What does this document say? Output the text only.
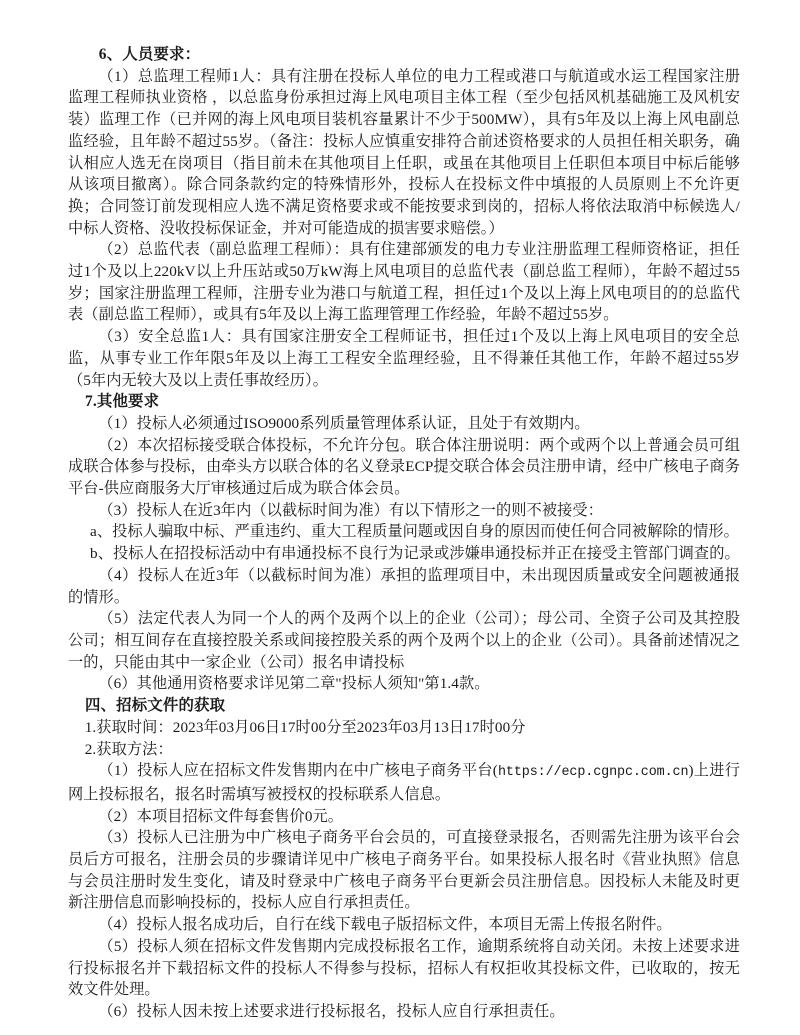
6、人员要求：

（1）总监理工程师1人：具有注册在投标人单位的电力工程或港口与航道或水运工程国家注册监理工程师执业资格 ，以总监身份承担过海上风电项目主体工程（至少包括风机基础施工及风机安装）监理工作（已并网的海上风电项目装机容量累计不少于500MW），具有5年及以上海上风电副总监经验，且年龄不超过55岁。（备注：投标人应慎重安排符合前述资格要求的人员担任相关职务，确认相应人选无在岗项目（指目前未在其他项目上任职，或虽在其他项目上任职但本项目中标后能够从该项目撤离）。除合同条款约定的特殊情形外，投标人在投标文件中填报的人员原则上不允许更换；合同签订前发现相应人选不满足资格要求或不能按要求到岗的，招标人将依法取消中标候选人/中标人资格、没收投标保证金，并对可能造成的损害要求赔偿。）

（2）总监代表（副总监理工程师）：具有住建部颁发的电力专业注册监理工程师资格证，担任过1个及以上220kV以上升压站或50万kW海上风电项目的总监代表（副总监工程师），年龄不超过55岁；国家注册监理工程师，注册专业为港口与航道工程，担任过1个及以上海上风电项目的的总监代表（副总监工程师），或具有5年及以上海工监理管理工作经验，年龄不超过55岁。

（3）安全总监1人：具有国家注册安全工程师证书，担任过1个及以上海上风电项目的安全总监，从事专业工作年限5年及以上海工工程安全监理经验，且不得兼任其他工作，年龄不超过55岁（5年内无较大及以上责任事故经历）。

7.其他要求

（1）投标人必须通过ISO9000系列质量管理体系认证，且处于有效期内。

（2）本次招标接受联合体投标，不允许分包。联合体注册说明：两个或两个以上普通会员可组成联合体参与投标，由牵头方以联合体的名义登录ECP提交联合体会员注册申请，经中广核电子商务平台-供应商服务大厅审核通过后成为联合体会员。

（3）投标人在近3年内（以截标时间为准）有以下情形之一的则不被接受：

a、投标人骗取中标、严重违约、重大工程质量问题或因自身的原因而使任何合同被解除的情形。

b、投标人在招投标活动中有串通投标不良行为记录或涉嫌串通投标并正在接受主管部门调查的。

（4）投标人在近3年（以截标时间为准）承担的监理项目中，未出现因质量或安全问题被通报的情形。

（5）法定代表人为同一个人的两个及两个以上的企业（公司）；母公司、全资子公司及其控股公司；相互间存在直接控股关系或间接控股关系的两个及两个以上的企业（公司）。具备前述情况之一的，只能由其中一家企业（公司）报名申请投标

（6）其他通用资格要求详见第二章"投标人须知"第1.4款。

四、招标文件的获取

1.获取时间：2023年03月06日17时00分至2023年03月13日17时00分

2.获取方法：

（1）投标人应在招标文件发售期内在中广核电子商务平台(https://ecp.cgnpc.com.cn)上进行网上投标报名，报名时需填写被授权的投标联系人信息。

（2）本项目招标文件每套售价0元。

（3）投标人已注册为中广核电子商务平台会员的，可直接登录报名，否则需先注册为该平台会员后方可报名，注册会员的步骤请详见中广核电子商务平台。如果投标人报名时《营业执照》信息与会员注册时发生变化，请及时登录中广核电子商务平台更新会员注册信息。因投标人未能及时更新注册信息而影响投标的，投标人应自行承担责任。

（4）投标人报名成功后，自行在线下载电子版招标文件，本项目无需上传报名附件。

（5）投标人须在招标文件发售期内完成投标报名工作，逾期系统将自动关闭。未按上述要求进行投标报名并下载招标文件的投标人不得参与投标，招标人有权拒收其投标文件，已收取的，按无效文件处理。

（6）投标人因未按上述要求进行投标报名，投标人应自行承担责任。
